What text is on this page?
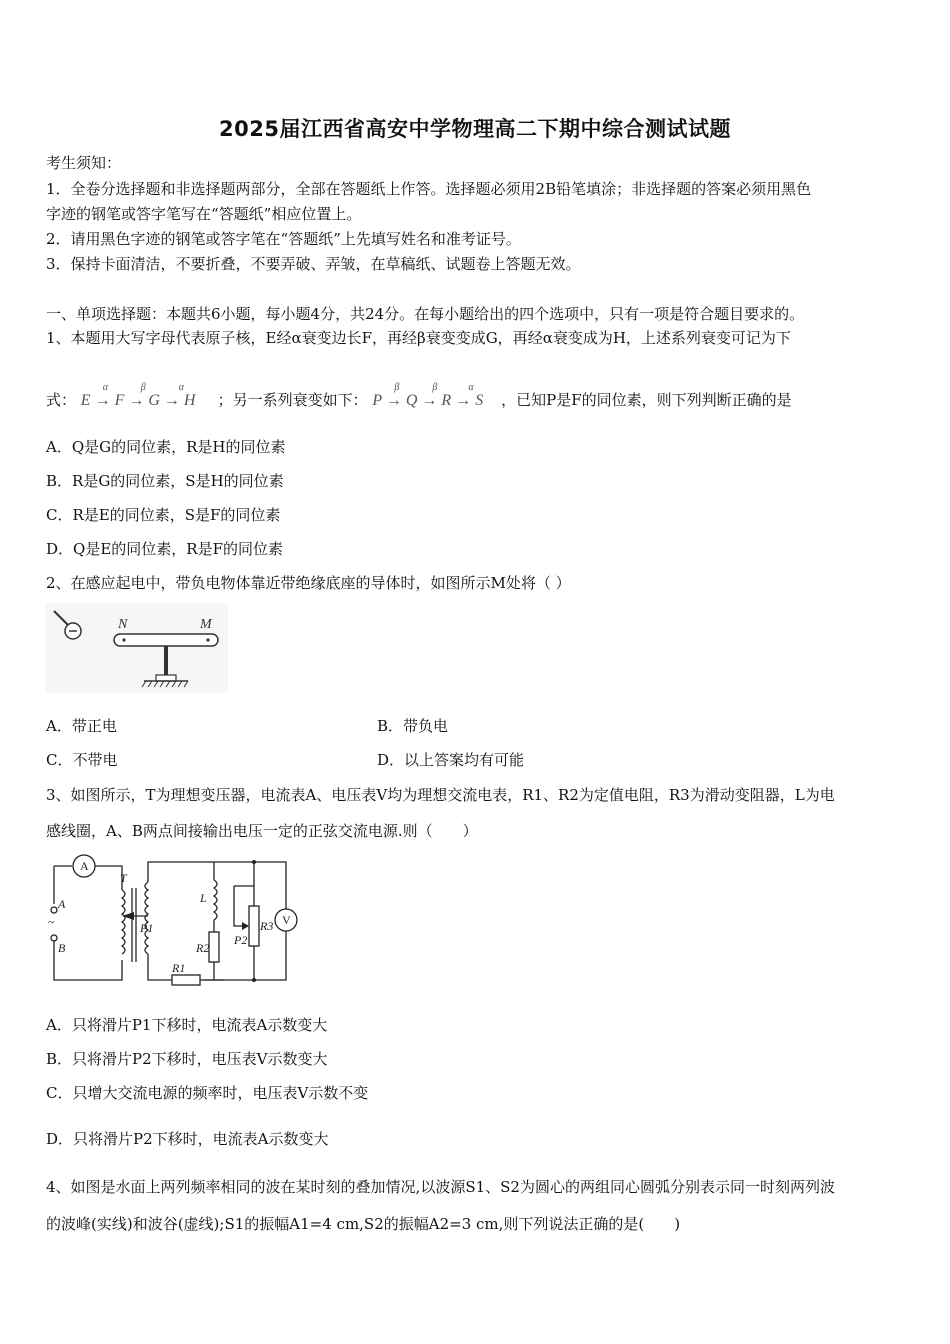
2025届江西省高安中学物理高二下期中综合测试试题
考生须知：
1．全卷分选择题和非选择题两部分，全部在答题纸上作答。选择题必须用2B铅笔填涂；非选择题的答案必须用黑色
字迹的钢笔或答字笔写在“答题纸”相应位置上。
2．请用黑色字迹的钢笔或答字笔在“答题纸”上先填写姓名和准考证号。
3．保持卡面清洁，不要折叠，不要弄破、弄皱，在草稿纸、试题卷上答题无效。
一、单项选择题：本题共6小题，每小题4分，共24分。在每小题给出的四个选项中，只有一项是符合题目要求的。
1、本题用大写字母代表原子核，E经α衰变边长F，再经β衰变变成G，再经α衰变成为H，上述系列衰变可记为下
式： E → F → G → H
α	β	α
；另一系列衰变如下： P → Q → R → S
β	β	α
，已知P是F的同位素，则下列判断正确的是
A．Q是G的同位素，R是H的同位素
B．R是G的同位素，S是H的同位素
C．R是E的同位素，S是F的同位素
D．Q是E的同位素，R是F的同位素
2、在感应起电中，带负电物体靠近带绝缘底座的导体时，如图所示M处将（ ）
N	M
A．带正电	B．带负电
C．不带电	D．以上答案均有可能
3、如图所示，T为理想变压器，电流表A、电压表V均为理想交流电表，R1、R2为定值电阻，R3为滑动变阻器，L为电
感线圈，A、B两点间接输出电压一定的正弦交流电源.则（　　）
A
T
A
~
B
P1
L
R2
P2
R3 V
R1
A．只将滑片P1下移时，电流表A示数变大
B．只将滑片P2下移时，电压表V示数变大
C．只增大交流电源的频率时，电压表V示数不变
D．只将滑片P2下移时，电流表A示数变大
4、如图是水面上两列频率相同的波在某时刻的叠加情况,以波源S1、S2为圆心的两组同心圆弧分别表示同一时刻两列波
的波峰(实线)和波谷(虚线);S1的振幅A1=4 cm,S2的振幅A2=3 cm,则下列说法正确的是(　　)
